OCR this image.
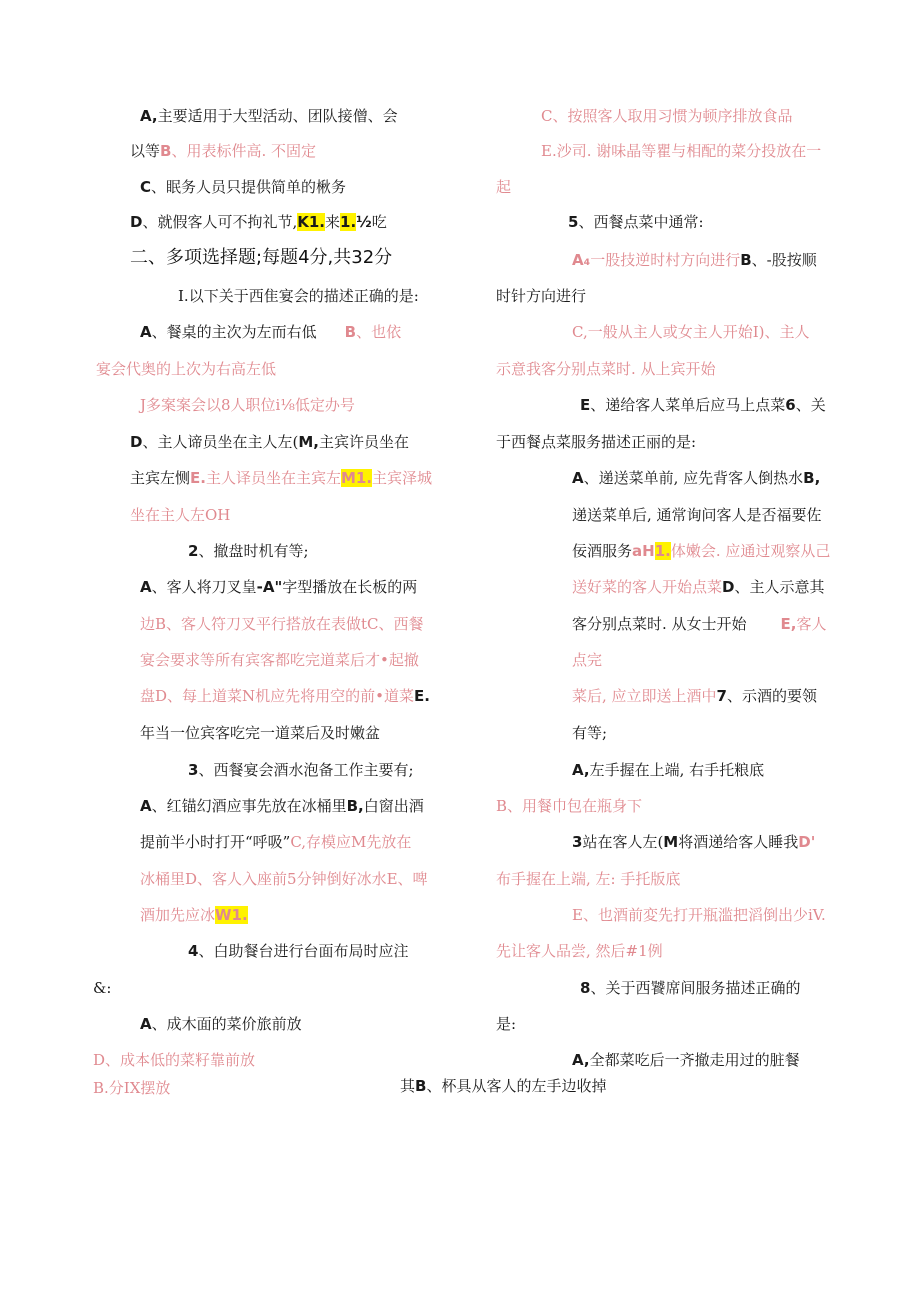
A,主要适用于大型活动、团队接僧、会
以等B、用表标件高. 不固定
C、眠务人员只提供简单的楸务
D、就假客人可不拘礼节,K1.来1.½吃
二、多项选择题;每题4分,共32分
I.以下关于西隹宴会的描述正确的是:
A、餐桌的主次为左而右低 B、也依
宴会代奥的上次为右高左低
J多案案会以8人职位i⅛低定办号
D、主人谛员坐在主人左(M,主宾许员坐在
主宾左恻E.主人译员坐在主宾左M1.主宾泽城
坐在主人左OH
2、撤盘时机有等;
A、客人将刀叉皇-A"字型播放在长板的两
边B、客人符刀叉平行搭放在表做tC、西餐
宴会要求等所有宾客都吃完道菜后才•起撤
盘D、每上道菜N机应先将用空的前•道菜E.
年当一位宾客吃完一道菜后及时嫩盆
3、西餐宴会酒水泡备工作主要有;
A、红锚幻酒应事先放在冰桶里B,白窗出酒
提前半小时打开“呼吸”C,存模应M先放在
冰桶里D、客人入座前5分钟倒好冰水E、啤
酒加先应冰W1.
4、白助餐台进行台面布局时应注
&:
A、成木面的菜价旅前放
D、成本低的菜籽靠前放
B.分IX摆放
C、按照客人取用习惯为顿序排放食品
E.沙司. 谢味晶等瞿与相配的菜分投放在一
起
5、西餐点菜中通常:
A₄一股技逆时村方向进行B、-股按顺
时针方向进行
C,一般从主人或女主人开始I)、主人
示意我客分别点菜时. 从上宾开始
E、递给客人菜单后应马上点菜6、关
于西餐点菜服务描述正丽的是:
A、递送菜单前, 应先背客人倒热水B,
递送菜单后, 通常询问客人是否福要佐
佞酒服务aH1.体嫩会. 应通过观察从己
送好菜的客人开始点菜D、主人示意其
客分别点菜时. 从女士开始 E,客人
点完
菜后, 应立即送上酒中7、示酒的要领
有等;
A,左手握在上端, 右手托粮底
B、用餐巾包在瓶身下
3站在客人左(M将酒递给客人睡我D'
布手握在上端, 左: 手托版底
E、也酒前変先打开瓶滥把滔倒出少iV.
先让客人品尝, 然后#1例
8、关于西饕席间服务描述正确的
是:
A,全都菜吃后一齐撤走用过的脏餐
其B、杯具从客人的左手边收掉
